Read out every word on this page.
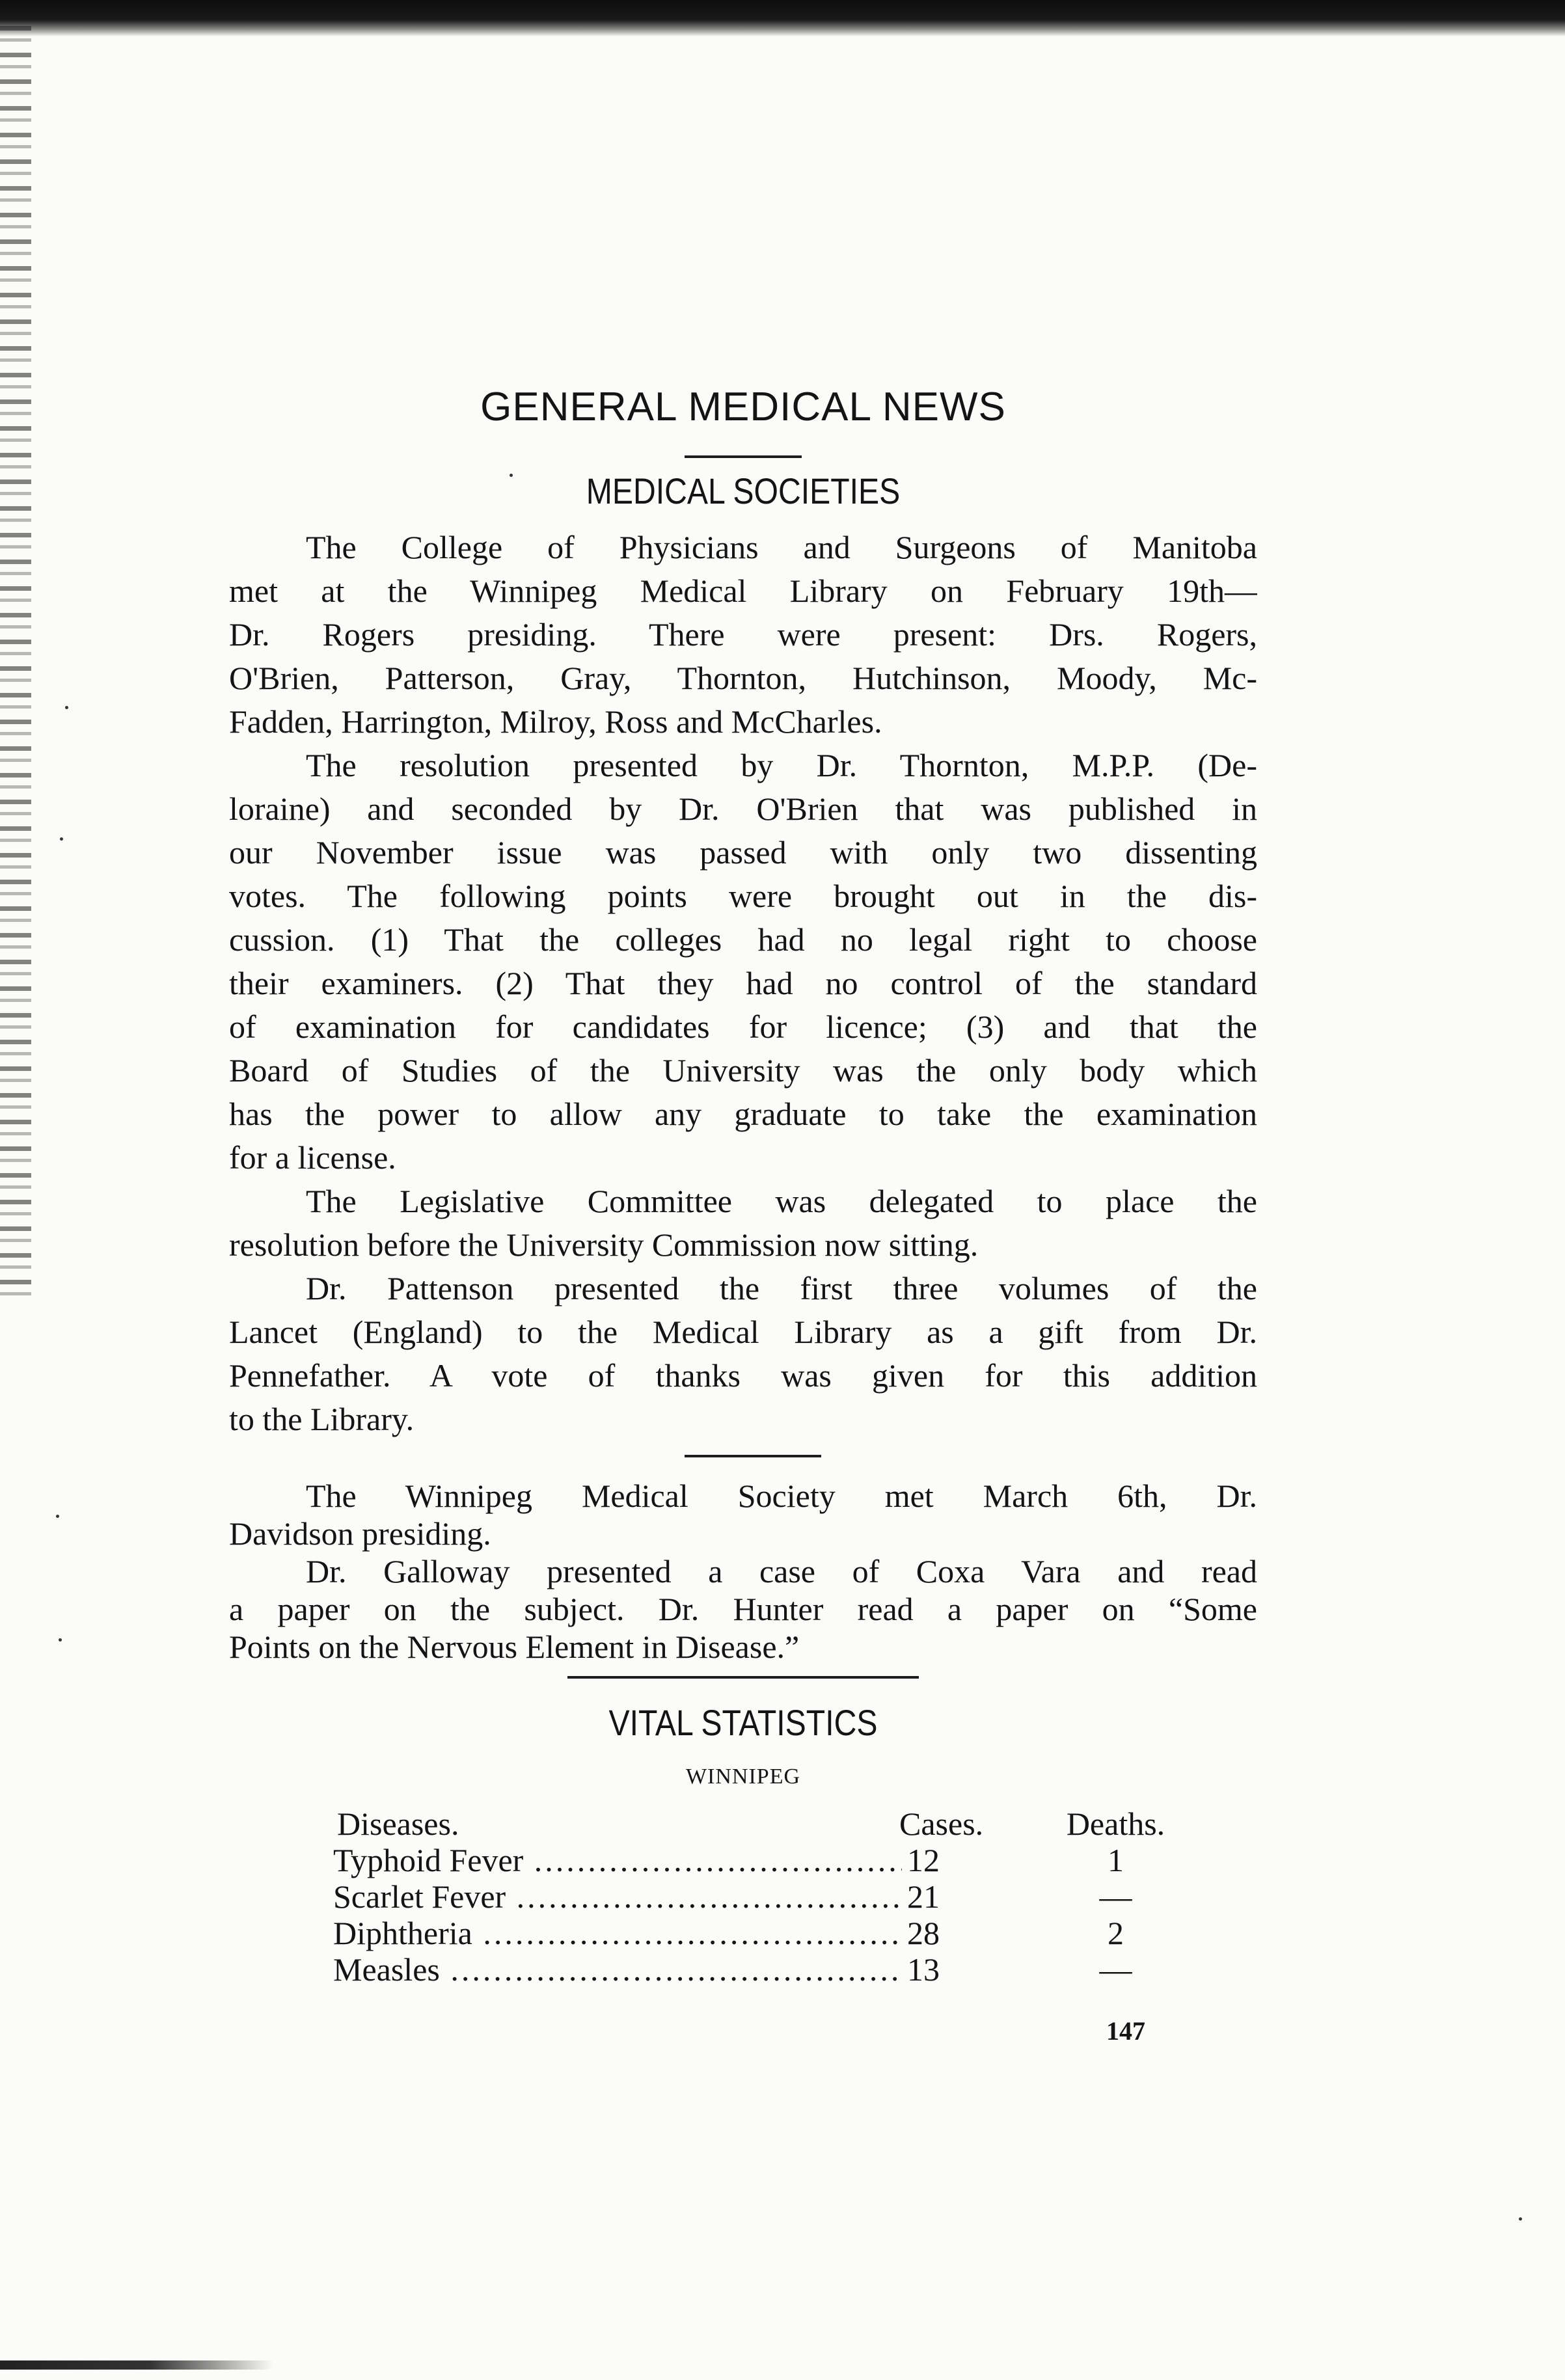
GENERAL MEDICAL NEWS
MEDICAL SOCIETIES
The College of Physicians and Surgeons of Manitoba
met at the Winnipeg Medical Library on February 19th—
Dr. Rogers presiding. There were present: Drs. Rogers,
O'Brien, Patterson, Gray, Thornton, Hutchinson, Moody, Mc-
Fadden, Harrington, Milroy, Ross and McCharles.
The resolution presented by Dr. Thornton, M.P.P. (De-
loraine) and seconded by Dr. O'Brien that was published in
our November issue was passed with only two dissenting
votes. The following points were brought out in the dis-
cussion. (1) That the colleges had no legal right to choose
their examiners. (2) That they had no control of the standard
of examination for candidates for licence; (3) and that the
Board of Studies of the University was the only body which
has the power to allow any graduate to take the examination
for a license.
The Legislative Committee was delegated to place the
resolution before the University Commission now sitting.
Dr. Pattenson presented the first three volumes of the
Lancet (England) to the Medical Library as a gift from Dr.
Pennefather. A vote of thanks was given for this addition
to the Library.
The Winnipeg Medical Society met March 6th, Dr.
Davidson presiding.
Dr. Galloway presented a case of Coxa Vara and read
a paper on the subject. Dr. Hunter read a paper on “Some
Points on the Nervous Element in Disease.”
VITAL STATISTICS
WINNIPEG
Diseases.	Cases.	Deaths.
Typhoid Fever .....	12	1
Scarlet Fever .....	21	—
Diphtheria .....	28	2
Measles .....	13	—
147
